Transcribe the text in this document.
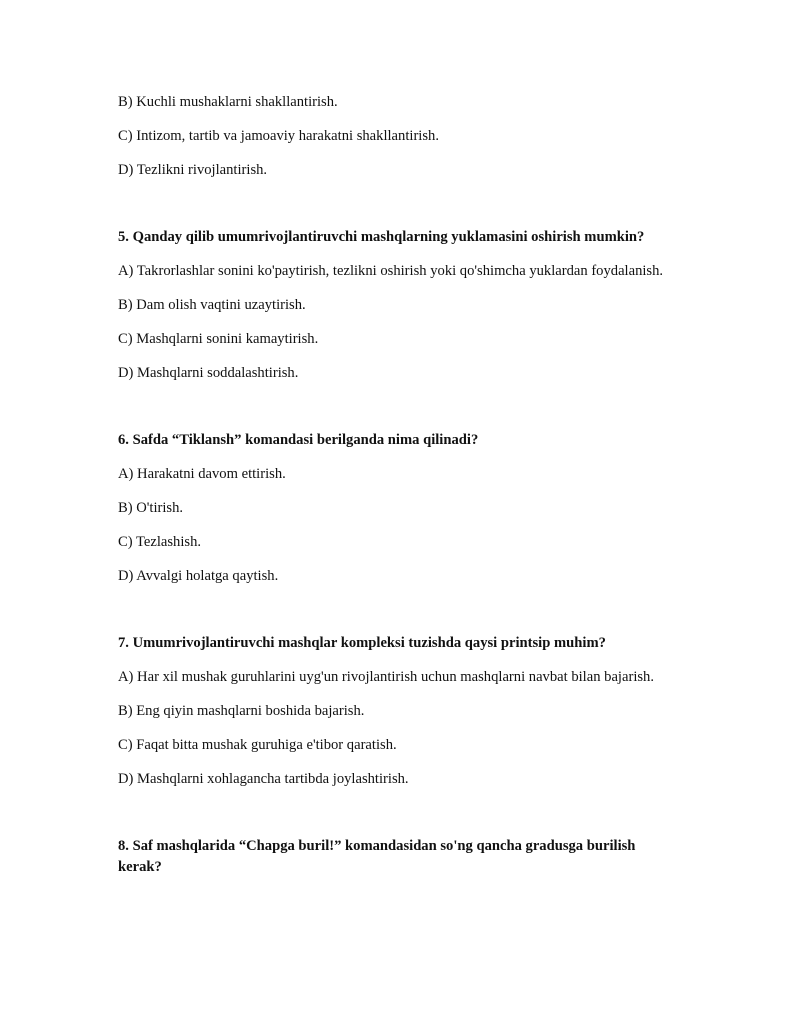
B) Kuchli mushaklarni shakllantirish.

C) Intizom, tartib va jamoaviy harakatni shakllantirish.

D) Tezlikni rivojlantirish.

5. Qanday qilib umumrivojlantiruvchi mashqlarning yuklamasini oshirish mumkin?

A) Takrorlashlar sonini ko'paytirish, tezlikni oshirish yoki qo'shimcha yuklardan foydalanish.

B) Dam olish vaqtini uzaytirish.

C) Mashqlarni sonini kamaytirish.

D) Mashqlarni soddalashtirish.

6. Safda “Tiklansh” komandasi berilganda nima qilinadi?

A) Harakatni davom ettirish.

B) O'tirish.

C) Tezlashish.

D) Avvalgi holatga qaytish.

7. Umumrivojlantiruvchi mashqlar kompleksi tuzishda qaysi printsip muhim?

A) Har xil mushak guruhlarini uyg'un rivojlantirish uchun mashqlarni navbat bilan bajarish.

B) Eng qiyin mashqlarni boshida bajarish.

C) Faqat bitta mushak guruhiga e'tibor qaratish.

D) Mashqlarni xohlagancha tartibda joylashtirish.

8. Saf mashqlarida “Chapga buril!” komandasidan so'ng qancha gradusga burilish kerak?
